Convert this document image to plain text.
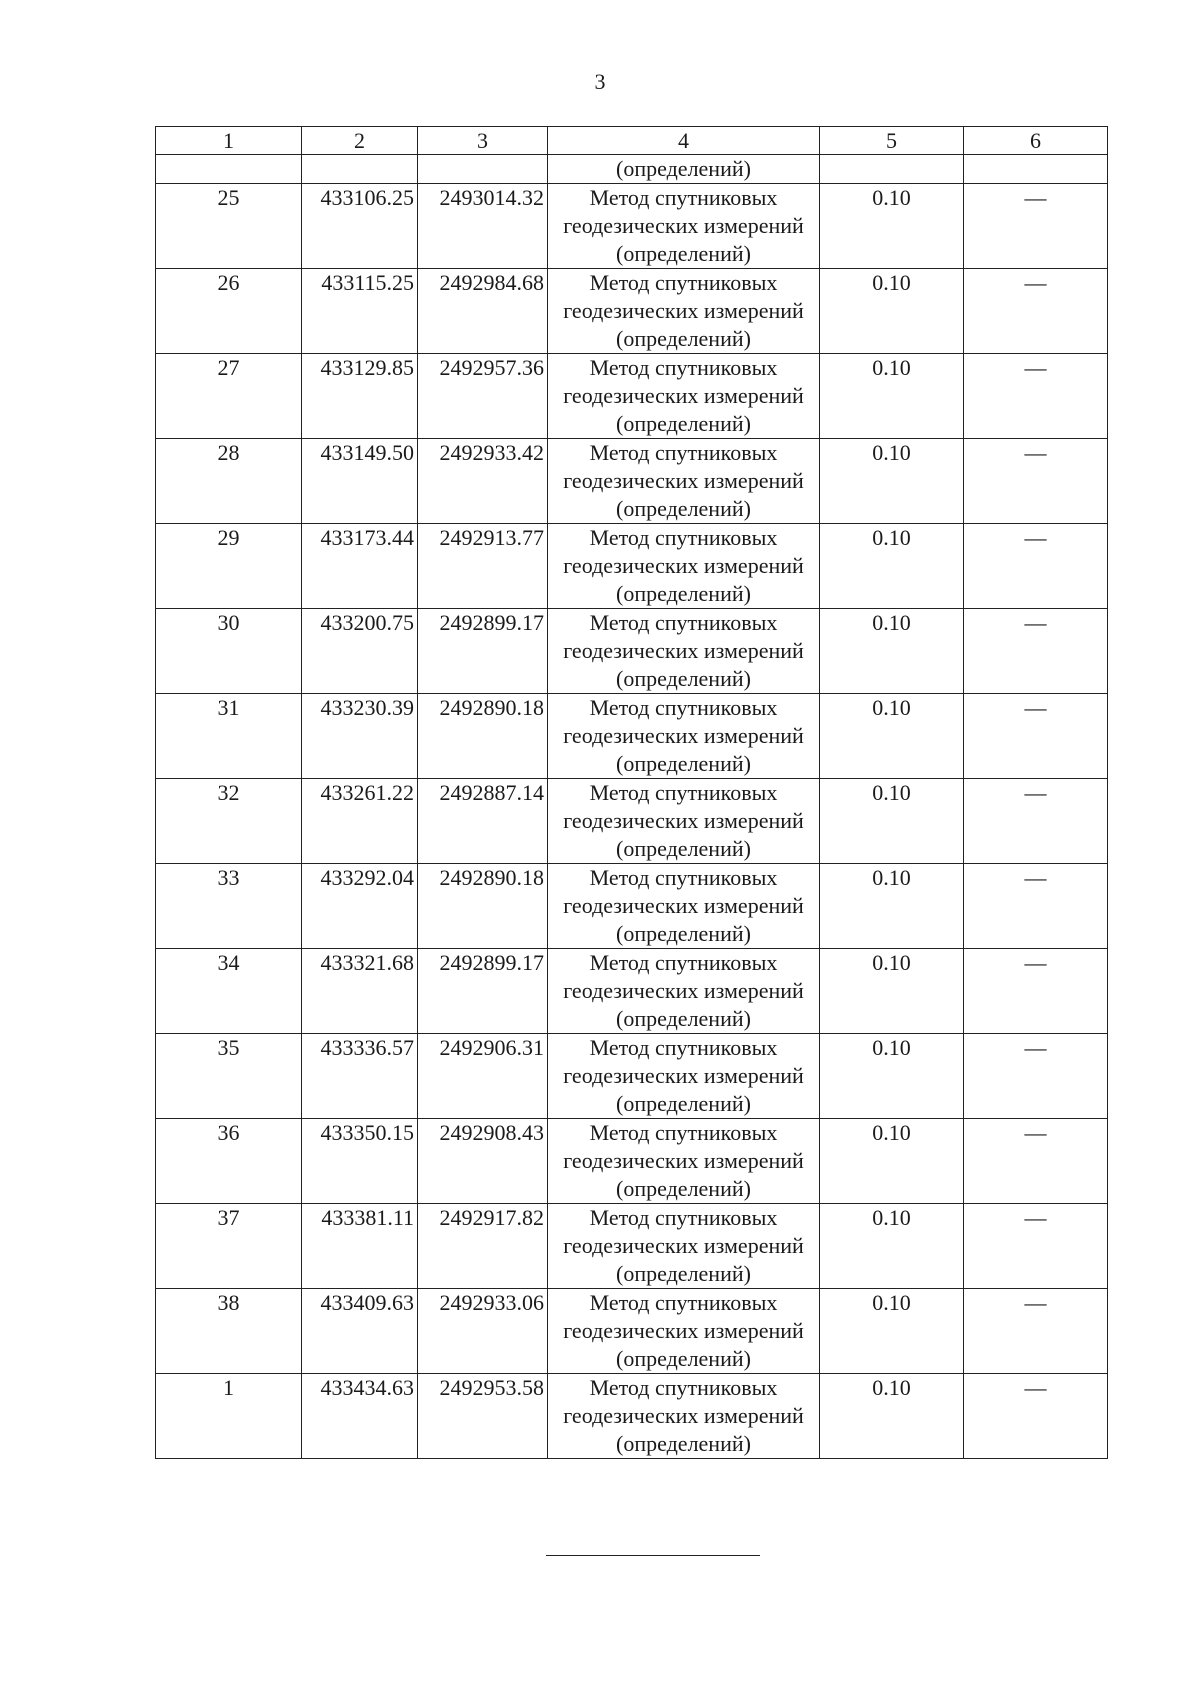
3
1	2	3	4	5	6
			(определений)		
25	433106.25	2493014.32	Метод спутниковых
геодезических измерений
(определений)	0.10	—
26	433115.25	2492984.68	Метод спутниковых
геодезических измерений
(определений)	0.10	—
27	433129.85	2492957.36	Метод спутниковых
геодезических измерений
(определений)	0.10	—
28	433149.50	2492933.42	Метод спутниковых
геодезических измерений
(определений)	0.10	—
29	433173.44	2492913.77	Метод спутниковых
геодезических измерений
(определений)	0.10	—
30	433200.75	2492899.17	Метод спутниковых
геодезических измерений
(определений)	0.10	—
31	433230.39	2492890.18	Метод спутниковых
геодезических измерений
(определений)	0.10	—
32	433261.22	2492887.14	Метод спутниковых
геодезических измерений
(определений)	0.10	—
33	433292.04	2492890.18	Метод спутниковых
геодезических измерений
(определений)	0.10	—
34	433321.68	2492899.17	Метод спутниковых
геодезических измерений
(определений)	0.10	—
35	433336.57	2492906.31	Метод спутниковых
геодезических измерений
(определений)	0.10	—
36	433350.15	2492908.43	Метод спутниковых
геодезических измерений
(определений)	0.10	—
37	433381.11	2492917.82	Метод спутниковых
геодезических измерений
(определений)	0.10	—
38	433409.63	2492933.06	Метод спутниковых
геодезических измерений
(определений)	0.10	—
1	433434.63	2492953.58	Метод спутниковых
геодезических измерений
(определений)	0.10	—
